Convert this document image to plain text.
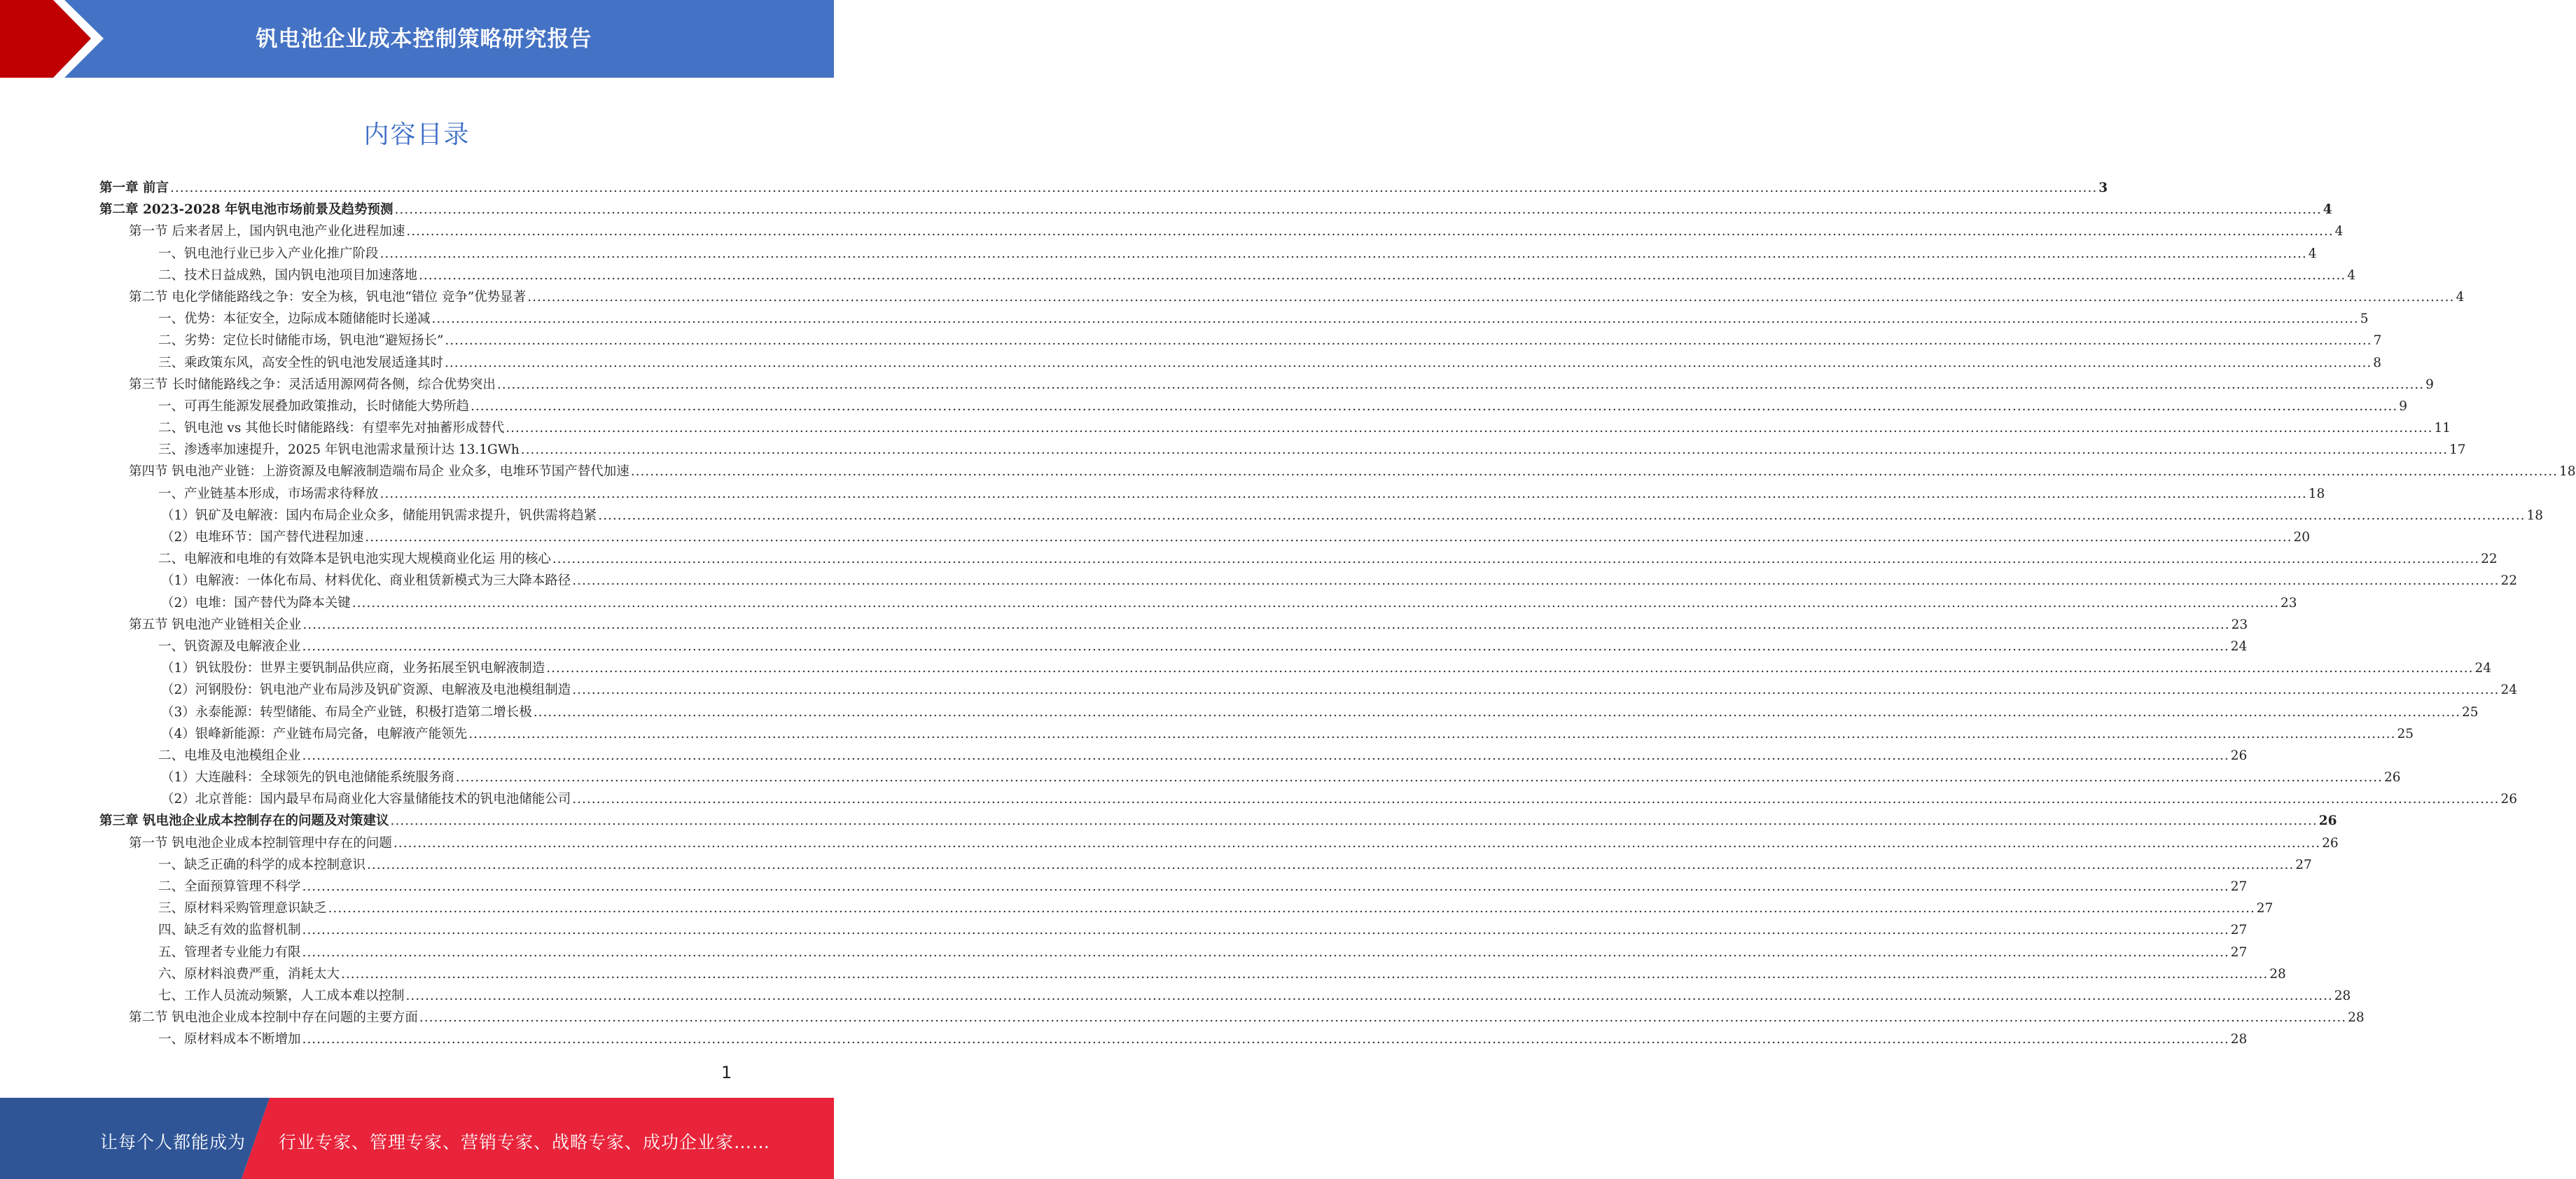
钒电池企业成本控制策略研究报告
内容目录
第一章 前言 ................................................................................................................................................................................................................................................................................................................................................................................................................ 3
第二章 2023-2028 年钒电池市场前景及趋势预测 ................................................................................................................................................................................................................................................................................................................................................................................................................ 4
第一节 后来者居上，国内钒电池产业化进程加速 ................................................................................................................................................................................................................................................................................................................................................................................................................ 4
一、钒电池行业已步入产业化推广阶段 ................................................................................................................................................................................................................................................................................................................................................................................................................ 4
二、技术日益成熟，国内钒电池项目加速落地 ................................................................................................................................................................................................................................................................................................................................................................................................................ 4
第二节 电化学储能路线之争：安全为核，钒电池“错位 竞争”优势显著 ................................................................................................................................................................................................................................................................................................................................................................................................................ 4
一、优势：本征安全，边际成本随储能时长递减 ................................................................................................................................................................................................................................................................................................................................................................................................................ 5
二、劣势：定位长时储能市场，钒电池“避短扬长” ................................................................................................................................................................................................................................................................................................................................................................................................................ 7
三、乘政策东风，高安全性的钒电池发展适逢其时 ................................................................................................................................................................................................................................................................................................................................................................................................................ 8
第三节 长时储能路线之争：灵活适用源网荷各侧，综合优势突出 ................................................................................................................................................................................................................................................................................................................................................................................................................ 9
一、可再生能源发展叠加政策推动，长时储能大势所趋 ................................................................................................................................................................................................................................................................................................................................................................................................................ 9
二、钒电池 vs 其他长时储能路线：有望率先对抽蓄形成替代 ................................................................................................................................................................................................................................................................................................................................................................................................................ 11
三、渗透率加速提升，2025 年钒电池需求量预计达 13.1GWh ................................................................................................................................................................................................................................................................................................................................................................................................................ 17
第四节 钒电池产业链：上游资源及电解液制造端布局企 业众多，电堆环节国产替代加速 ................................................................................................................................................................................................................................................................................................................................................................................................................ 18
一、产业链基本形成，市场需求待释放 ................................................................................................................................................................................................................................................................................................................................................................................................................ 18
（1）钒矿及电解液：国内布局企业众多，储能用钒需求提升，钒供需将趋紧 ................................................................................................................................................................................................................................................................................................................................................................................................................ 18
（2）电堆环节：国产替代进程加速 ................................................................................................................................................................................................................................................................................................................................................................................................................ 20
二、电解液和电堆的有效降本是钒电池实现大规模商业化运 用的核心 ................................................................................................................................................................................................................................................................................................................................................................................................................ 22
（1）电解液：一体化布局、材料优化、商业租赁新模式为三大降本路径 ................................................................................................................................................................................................................................................................................................................................................................................................................ 22
（2）电堆：国产替代为降本关键 ................................................................................................................................................................................................................................................................................................................................................................................................................ 23
第五节 钒电池产业链相关企业 ................................................................................................................................................................................................................................................................................................................................................................................................................ 23
一、钒资源及电解液企业 ................................................................................................................................................................................................................................................................................................................................................................................................................ 24
（1）钒钛股份：世界主要钒制品供应商，业务拓展至钒电解液制造 ................................................................................................................................................................................................................................................................................................................................................................................................................ 24
（2）河钢股份：钒电池产业布局涉及钒矿资源、电解液及电池模组制造 ................................................................................................................................................................................................................................................................................................................................................................................................................ 24
（3）永泰能源：转型储能、布局全产业链，积极打造第二增长极 ................................................................................................................................................................................................................................................................................................................................................................................................................ 25
（4）银峰新能源：产业链布局完备，电解液产能领先 ................................................................................................................................................................................................................................................................................................................................................................................................................ 25
二、电堆及电池模组企业 ................................................................................................................................................................................................................................................................................................................................................................................................................ 26
（1）大连融科：全球领先的钒电池储能系统服务商 ................................................................................................................................................................................................................................................................................................................................................................................................................ 26
（2）北京普能：国内最早布局商业化大容量储能技术的钒电池储能公司 ................................................................................................................................................................................................................................................................................................................................................................................................................ 26
第三章 钒电池企业成本控制存在的问题及对策建议 ................................................................................................................................................................................................................................................................................................................................................................................................................ 26
第一节 钒电池企业成本控制管理中存在的问题 ................................................................................................................................................................................................................................................................................................................................................................................................................ 26
一、缺乏正确的科学的成本控制意识 ................................................................................................................................................................................................................................................................................................................................................................................................................ 27
二、全面预算管理不科学 ................................................................................................................................................................................................................................................................................................................................................................................................................ 27
三、原材料采购管理意识缺乏 ................................................................................................................................................................................................................................................................................................................................................................................................................ 27
四、缺乏有效的监督机制 ................................................................................................................................................................................................................................................................................................................................................................................................................ 27
五、管理者专业能力有限 ................................................................................................................................................................................................................................................................................................................................................................................................................ 27
六、原材料浪费严重，消耗太大 ................................................................................................................................................................................................................................................................................................................................................................................................................ 28
七、工作人员流动频繁，人工成本难以控制 ................................................................................................................................................................................................................................................................................................................................................................................................................ 28
第二节 钒电池企业成本控制中存在问题的主要方面 ................................................................................................................................................................................................................................................................................................................................................................................................................ 28
一、原材料成本不断增加 ................................................................................................................................................................................................................................................................................................................................................................................................................ 28
1
让每个人都能成为 行业专家、管理专家、营销专家、战略专家、成功企业家……
